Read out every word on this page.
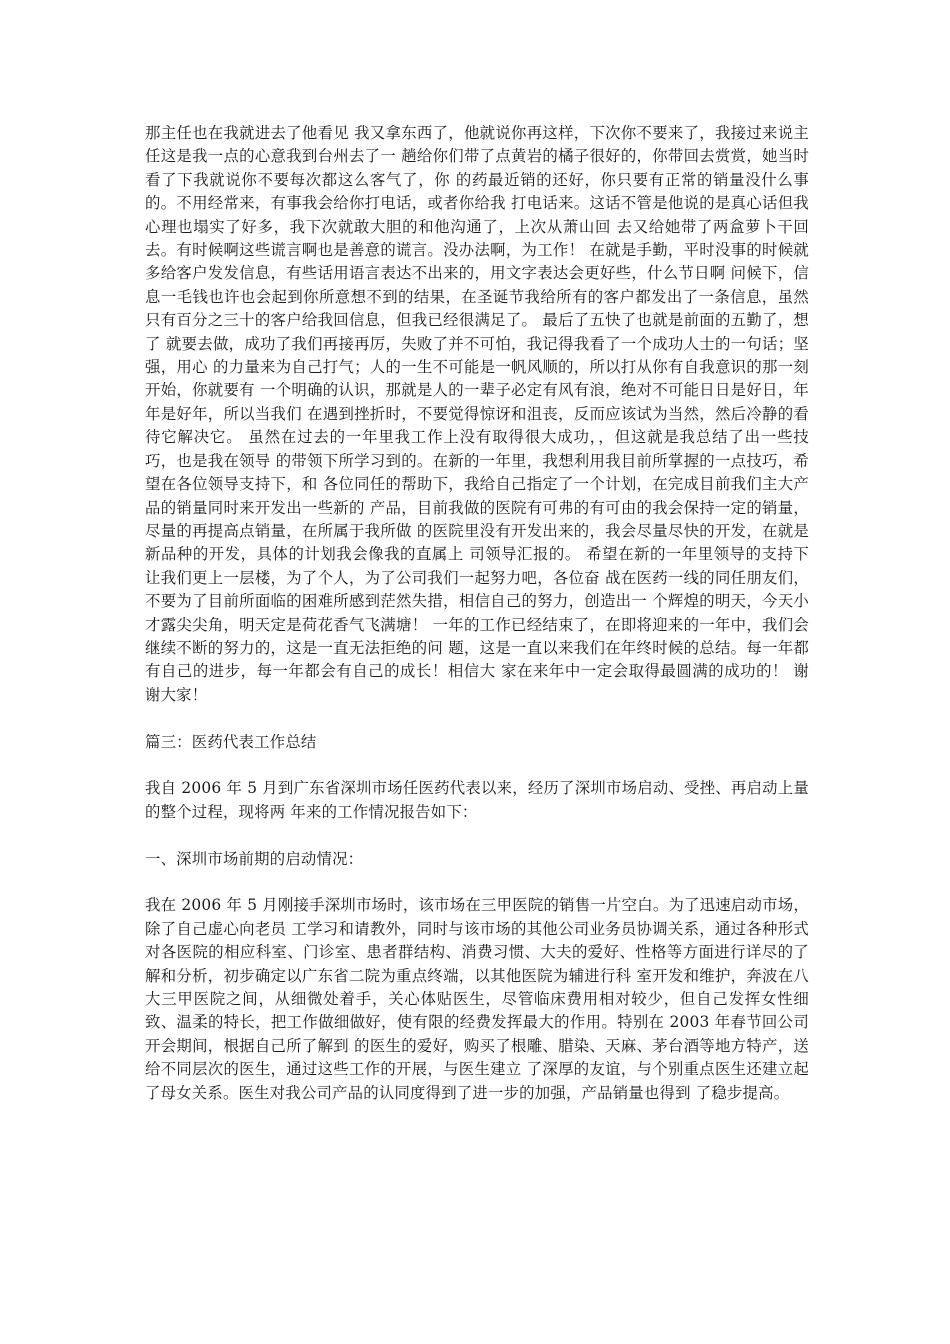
那主任也在我就进去了他看见 我又拿东西了，他就说你再这样，下次你不要来了，我接过来说主任这是我一点的心意我到台州去了一 趟给你们带了点黄岩的橘子很好的，你带回去赏赏，她当时看了下我就说你不要每次都这么客气了，你 的药最近销的还好，你只要有正常的销量没什么事的。不用经常来，有事我会给你打电话，或者你给我 打电话来。这话不管是他说的是真心话但我心理也塌实了好多，我下次就敢大胆的和他沟通了，上次从萧山回 去又给她带了两盒萝卜干回去。有时候啊这些谎言啊也是善意的谎言。没办法啊，为工作！ 在就是手勤，平时没事的时候就多给客户发发信息，有些话用语言表达不出来的，用文字表达会更好些，什么节日啊 问候下，信息一毛钱也许也会起到你所意想不到的结果，在圣诞节我给所有的客户都发出了一条信息，虽然只有百分之三十的客户给我回信息，但我已经很满足了。 最后了五快了也就是前面的五勤了，想了 就要去做，成功了我们再接再厉，失败了并不可怕，我记得我看了一个成功人士的一句话；坚强，用心 的力量来为自己打气；人的一生不可能是一帆风顺的，所以打从你有自我意识的那一刻开始，你就要有 一个明确的认识，那就是人的一辈子必定有风有浪，绝对不可能日日是好日，年年是好年，所以当我们 在遇到挫折时，不要觉得惊讶和沮丧，反而应该试为当然，然后冷静的看待它解决它。 虽然在过去的一年里我工作上没有取得很大成功，，但这就是我总结了出一些技巧，也是我在领导 的带领下所学习到的。在新的一年里，我想利用我目前所掌握的一点技巧，希望在各位领导支持下，和 各位同任的帮助下，我给自己指定了一个计划，在完成目前我们主大产品的销量同时来开发出一些新的 产品，目前我做的医院有可弗的有可由的我会保持一定的销量，尽量的再提高点销量，在所属于我所做 的医院里没有开发出来的，我会尽量尽快的开发，在就是新品种的开发，具体的计划我会像我的直属上 司领导汇报的。 希望在新的一年里领导的支持下让我们更上一层楼，为了个人，为了公司我们一起努力吧，各位奋 战在医药一线的同任朋友们，不要为了目前所面临的困难所感到茫然失措，相信自己的努力，创造出一 个辉煌的明天，今天小才露尖尖角，明天定是荷花香气飞满塘！ 一年的工作已经结束了，在即将迎来的一年中，我们会继续不断的努力的，这是一直无法拒绝的问 题，这是一直以来我们在年终时候的总结。每一年都有自己的进步，每一年都会有自己的成长！相信大 家在来年中一定会取得最圆满的成功的！ 谢谢大家！

篇三：医药代表工作总结

我自 2006 年 5 月到广东省深圳市场任医药代表以来，经历了深圳市场启动、受挫、再启动上量的整个过程，现将两 年来的工作情况报告如下：

一、深圳市场前期的启动情况：

我在 2006 年 5 月刚接手深圳市场时，该市场在三甲医院的销售一片空白。为了迅速启动市场，除了自己虚心向老员 工学习和请教外，同时与该市场的其他公司业务员协调关系，通过各种形式对各医院的相应科室、门诊室、患者群结构、消费习惯、大夫的爱好、性格等方面进行详尽的了解和分析，初步确定以广东省二院为重点终端，以其他医院为辅进行科 室开发和维护，奔波在八大三甲医院之间，从细微处着手，关心体贴医生，尽管临床费用相对较少，但自己发挥女性细致、温柔的特长，把工作做细做好，使有限的经费发挥最大的作用。特别在 2003 年春节回公司开会期间，根据自己所了解到 的医生的爱好，购买了根雕、腊染、天麻、茅台酒等地方特产，送给不同层次的医生，通过这些工作的开展，与医生建立 了深厚的友谊，与个别重点医生还建立起了母女关系。医生对我公司产品的认同度得到了进一步的加强，产品销量也得到 了稳步提高。
